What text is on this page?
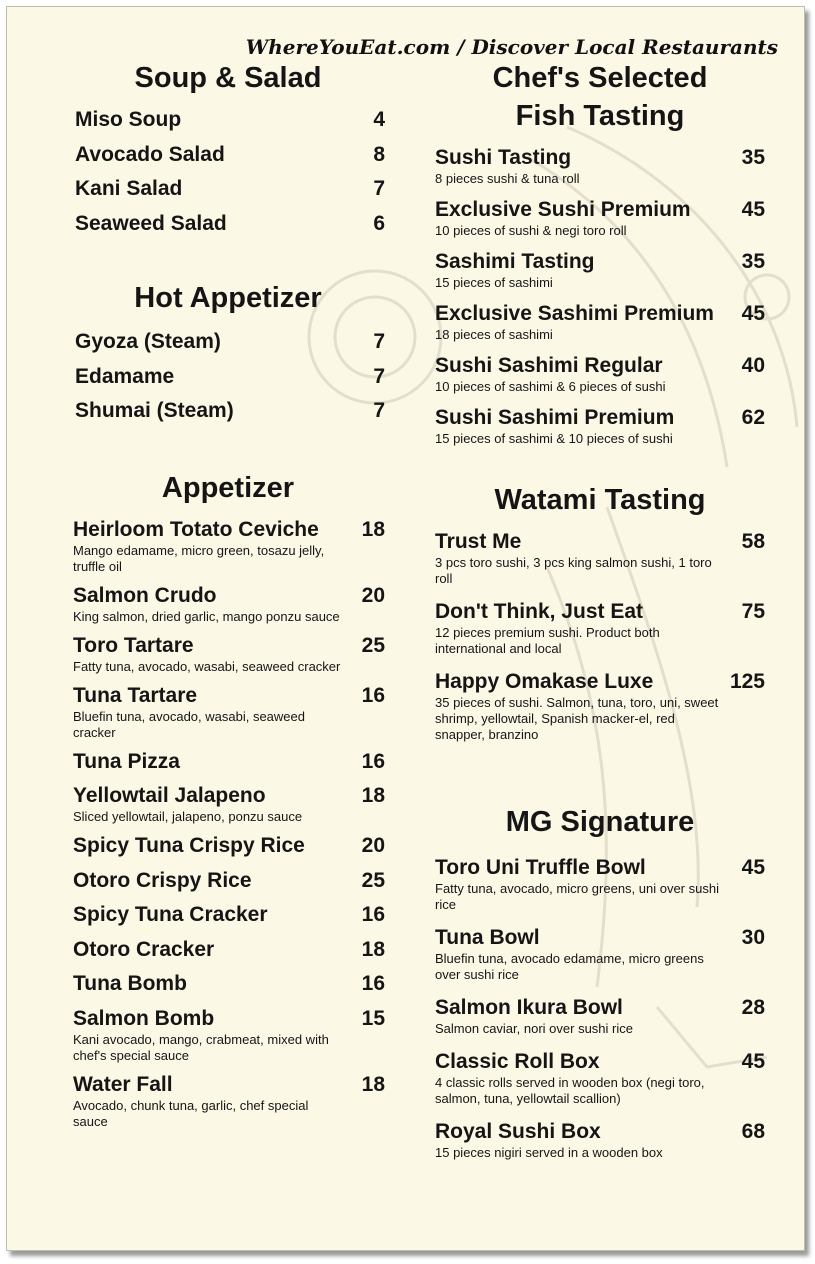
WhereYouEat.com / Discover Local Restaurants
Soup & Salad
Miso Soup	4
Avocado Salad	8
Kani Salad	7
Seaweed Salad	6
Hot Appetizer
Gyoza (Steam)	7
Edamame	7
Shumai (Steam)	7
Appetizer
Heirloom Totato Ceviche	18
Mango edamame, micro green, tosazu jelly, truffle oil
Salmon Crudo	20
King salmon, dried garlic, mango ponzu sauce
Toro Tartare	25
Fatty tuna, avocado, wasabi, seaweed cracker
Tuna Tartare	16
Bluefin tuna, avocado, wasabi, seaweed cracker
Tuna Pizza	16
Yellowtail Jalapeno	18
Sliced yellowtail, jalapeno, ponzu sauce
Spicy Tuna Crispy Rice	20
Otoro Crispy Rice	25
Spicy Tuna Cracker	16
Otoro Cracker	18
Tuna Bomb	16
Salmon Bomb	15
Kani avocado, mango, crabmeat, mixed with chef's special sauce
Water Fall	18
Avocado, chunk tuna, garlic, chef special sauce
Chef's Selected
Fish Tasting
Sushi Tasting	35
8 pieces sushi & tuna roll
Exclusive Sushi Premium	45
10 pieces of sushi & negi toro roll
Sashimi Tasting	35
15 pieces of sashimi
Exclusive Sashimi Premium	45
18 pieces of sashimi
Sushi Sashimi Regular	40
10 pieces of sashimi & 6 pieces of sushi
Sushi Sashimi Premium	62
15 pieces of sashimi & 10 pieces of sushi
Watami Tasting
Trust Me	58
3 pcs toro sushi, 3 pcs king salmon sushi, 1 toro roll
Don't Think, Just Eat	75
12 pieces premium sushi. Product both international and local
Happy Omakase Luxe	125
35 pieces of sushi. Salmon, tuna, toro, uni, sweet shrimp, yellowtail, Spanish macker-el, red snapper, branzino
MG Signature
Toro Uni Truffle Bowl	45
Fatty tuna, avocado, micro greens, uni over sushi rice
Tuna Bowl	30
Bluefin tuna, avocado edamame, micro greens over sushi rice
Salmon Ikura Bowl	28
Salmon caviar, nori over sushi rice
Classic Roll Box	45
4 classic rolls served in wooden box (negi toro, salmon, tuna, yellowtail scallion)
Royal Sushi Box	68
15 pieces nigiri served in a wooden box
